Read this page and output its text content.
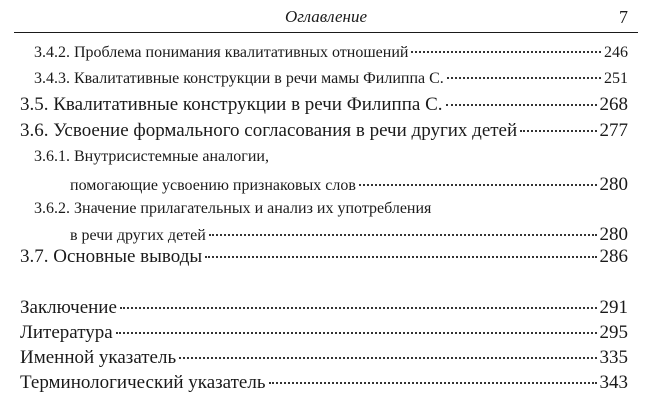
Оглавление	7
3.4.2. Проблема понимания квалитативных отношений	246
3.4.3. Квалитативные конструкции в речи мамы Филиппа С.	251
3.5. Квалитативные конструкции в речи Филиппа С.	268
3.6. Усвоение формального согласования в речи других детей	277
3.6.1. Внутрисистемные аналогии,
помогающие усвоению признаковых слов	280
3.6.2. Значение прилагательных и анализ их употребления
в речи других детей	280
3.7. Основные выводы	286
Заключение	291
Литература	295
Именной указатель	335
Терминологический указатель	343
